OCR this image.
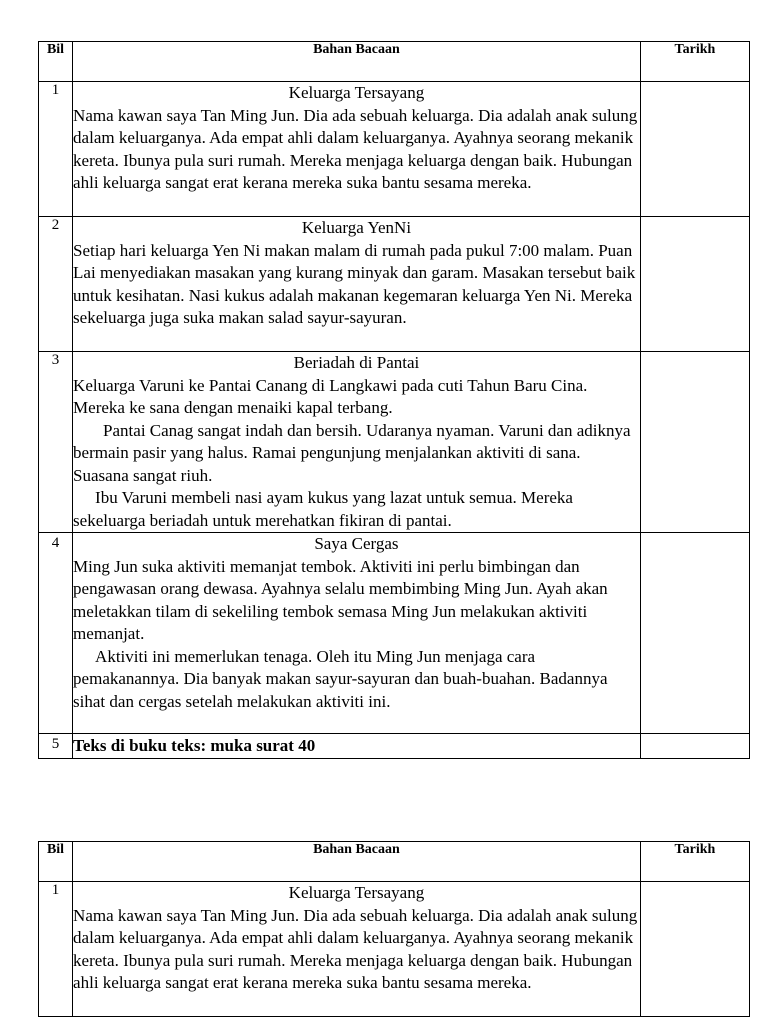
Bil	Bahan Bacaan	Tarikh
1	Keluarga Tersayang
Nama kawan saya Tan Ming Jun. Dia ada sebuah keluarga. Dia adalah anak sulung dalam keluarganya. Ada empat ahli dalam keluarganya. Ayahnya seorang mekanik kereta. Ibunya pula suri rumah. Mereka menjaga keluarga dengan baik. Hubungan ahli keluarga sangat erat kerana mereka suka bantu sesama mereka.	

2	Keluarga YenNi
Setiap hari keluarga Yen Ni makan malam di rumah pada pukul 7:00 malam. Puan Lai menyediakan masakan yang kurang minyak dan garam. Masakan tersebut baik untuk kesihatan. Nasi kukus adalah makanan kegemaran keluarga Yen Ni. Mereka sekeluarga juga suka makan salad sayur-sayuran.	

3	Beriadah di Pantai
Keluarga Varuni ke Pantai Canang di Langkawi pada cuti Tahun Baru Cina. Mereka ke sana dengan menaiki kapal terbang.
Pantai Canag sangat indah dan bersih. Udaranya nyaman. Varuni dan adiknya bermain pasir yang halus. Ramai pengunjung menjalankan aktiviti di sana. Suasana sangat riuh.
Ibu Varuni membeli nasi ayam kukus yang lazat untuk semua. Mereka sekeluarga beriadah untuk merehatkan fikiran di pantai.	

4	Saya Cergas
Ming Jun suka aktiviti memanjat tembok. Aktiviti ini perlu bimbingan dan pengawasan orang dewasa. Ayahnya selalu membimbing Ming Jun. Ayah akan meletakkan tilam di sekeliling tembok semasa Ming Jun melakukan aktiviti memanjat.
Aktiviti ini memerlukan tenaga. Oleh itu Ming Jun menjaga cara pemakanannya. Dia banyak makan sayur-sayuran dan buah-buahan. Badannya sihat dan cergas setelah melakukan aktiviti ini.	

5	Teks di buku teks: muka surat 40	
Bil	Bahan Bacaan	Tarikh
1	Keluarga Tersayang
Nama kawan saya Tan Ming Jun. Dia ada sebuah keluarga. Dia adalah anak sulung dalam keluarganya. Ada empat ahli dalam keluarganya. Ayahnya seorang mekanik kereta. Ibunya pula suri rumah. Mereka menjaga keluarga dengan baik. Hubungan ahli keluarga sangat erat kerana mereka suka bantu sesama mereka.	
